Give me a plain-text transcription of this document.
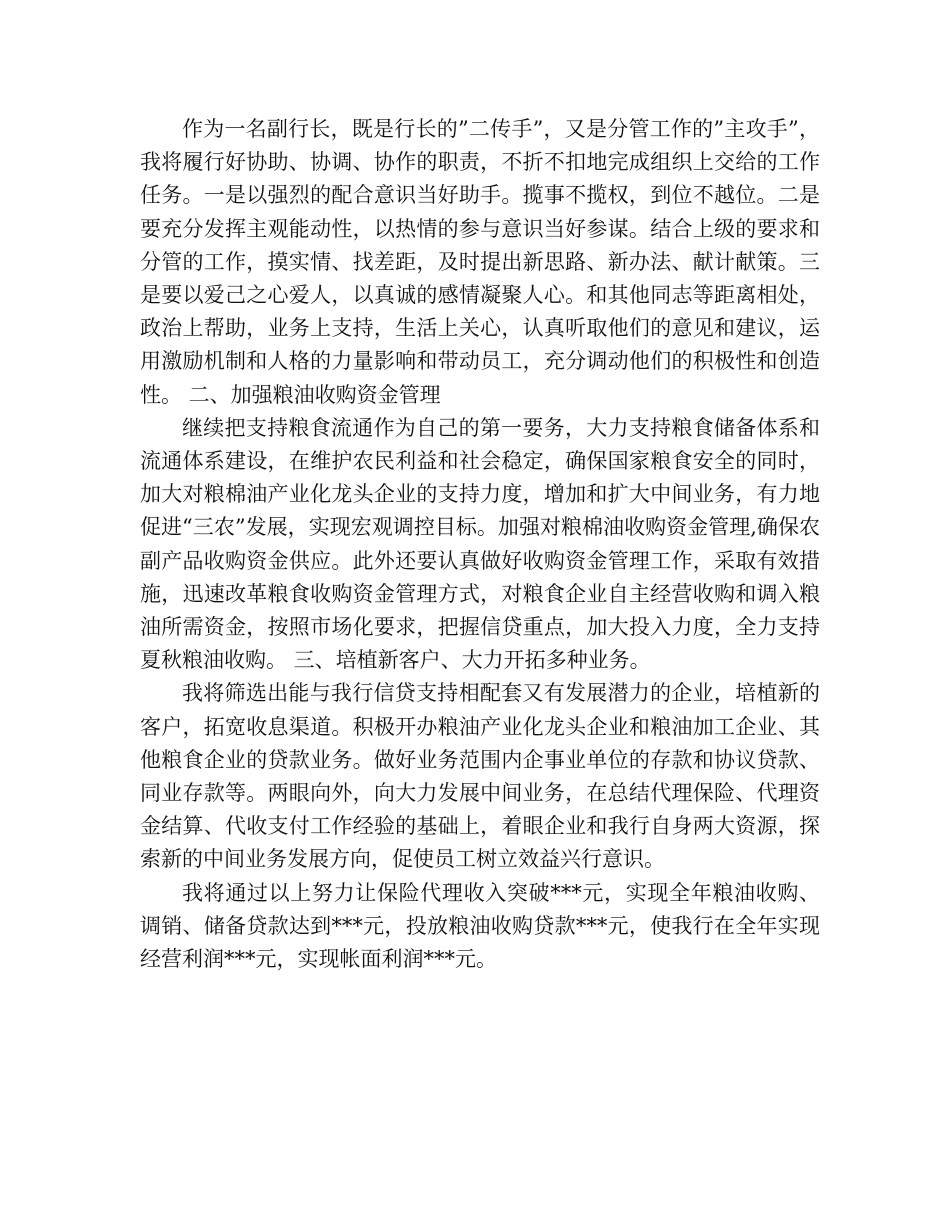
作为一名副行长，既是行长的”二传手”，又是分管工作的”主攻手”，我将履行好协助、协调、协作的职责，不折不扣地完成组织上交给的工作任务。一是以强烈的配合意识当好助手。揽事不揽权，到位不越位。二是要充分发挥主观能动性，以热情的参与意识当好参谋。结合上级的要求和分管的工作，摸实情、找差距，及时提出新思路、新办法、献计献策。三是要以爱己之心爱人，以真诚的感情凝聚人心。和其他同志等距离相处，政治上帮助，业务上支持，生活上关心，认真听取他们的意见和建议，运用激励机制和人格的力量影响和带动员工，充分调动他们的积极性和创造性。 二、加强粮油收购资金管理

继续把支持粮食流通作为自己的第一要务，大力支持粮食储备体系和流通体系建设，在维护农民利益和社会稳定，确保国家粮食安全的同时，加大对粮棉油产业化龙头企业的支持力度，增加和扩大中间业务，有力地促进“三农”发展，实现宏观调控目标。加强对粮棉油收购资金管理,确保农副产品收购资金供应。此外还要认真做好收购资金管理工作，采取有效措施，迅速改革粮食收购资金管理方式，对粮食企业自主经营收购和调入粮油所需资金，按照市场化要求，把握信贷重点，加大投入力度，全力支持夏秋粮油收购。 三、培植新客户、大力开拓多种业务。

我将筛选出能与我行信贷支持相配套又有发展潜力的企业，培植新的客户，拓宽收息渠道。积极开办粮油产业化龙头企业和粮油加工企业、其他粮食企业的贷款业务。做好业务范围内企事业单位的存款和协议贷款、同业存款等。两眼向外，向大力发展中间业务，在总结代理保险、代理资金结算、代收支付工作经验的基础上，着眼企业和我行自身两大资源，探索新的中间业务发展方向，促使员工树立效益兴行意识。

我将通过以上努力让保险代理收入突破***元，实现全年粮油收购、调销、储备贷款达到***元，投放粮油收购贷款***元，使我行在全年实现经营利润***元，实现帐面利润***元。
